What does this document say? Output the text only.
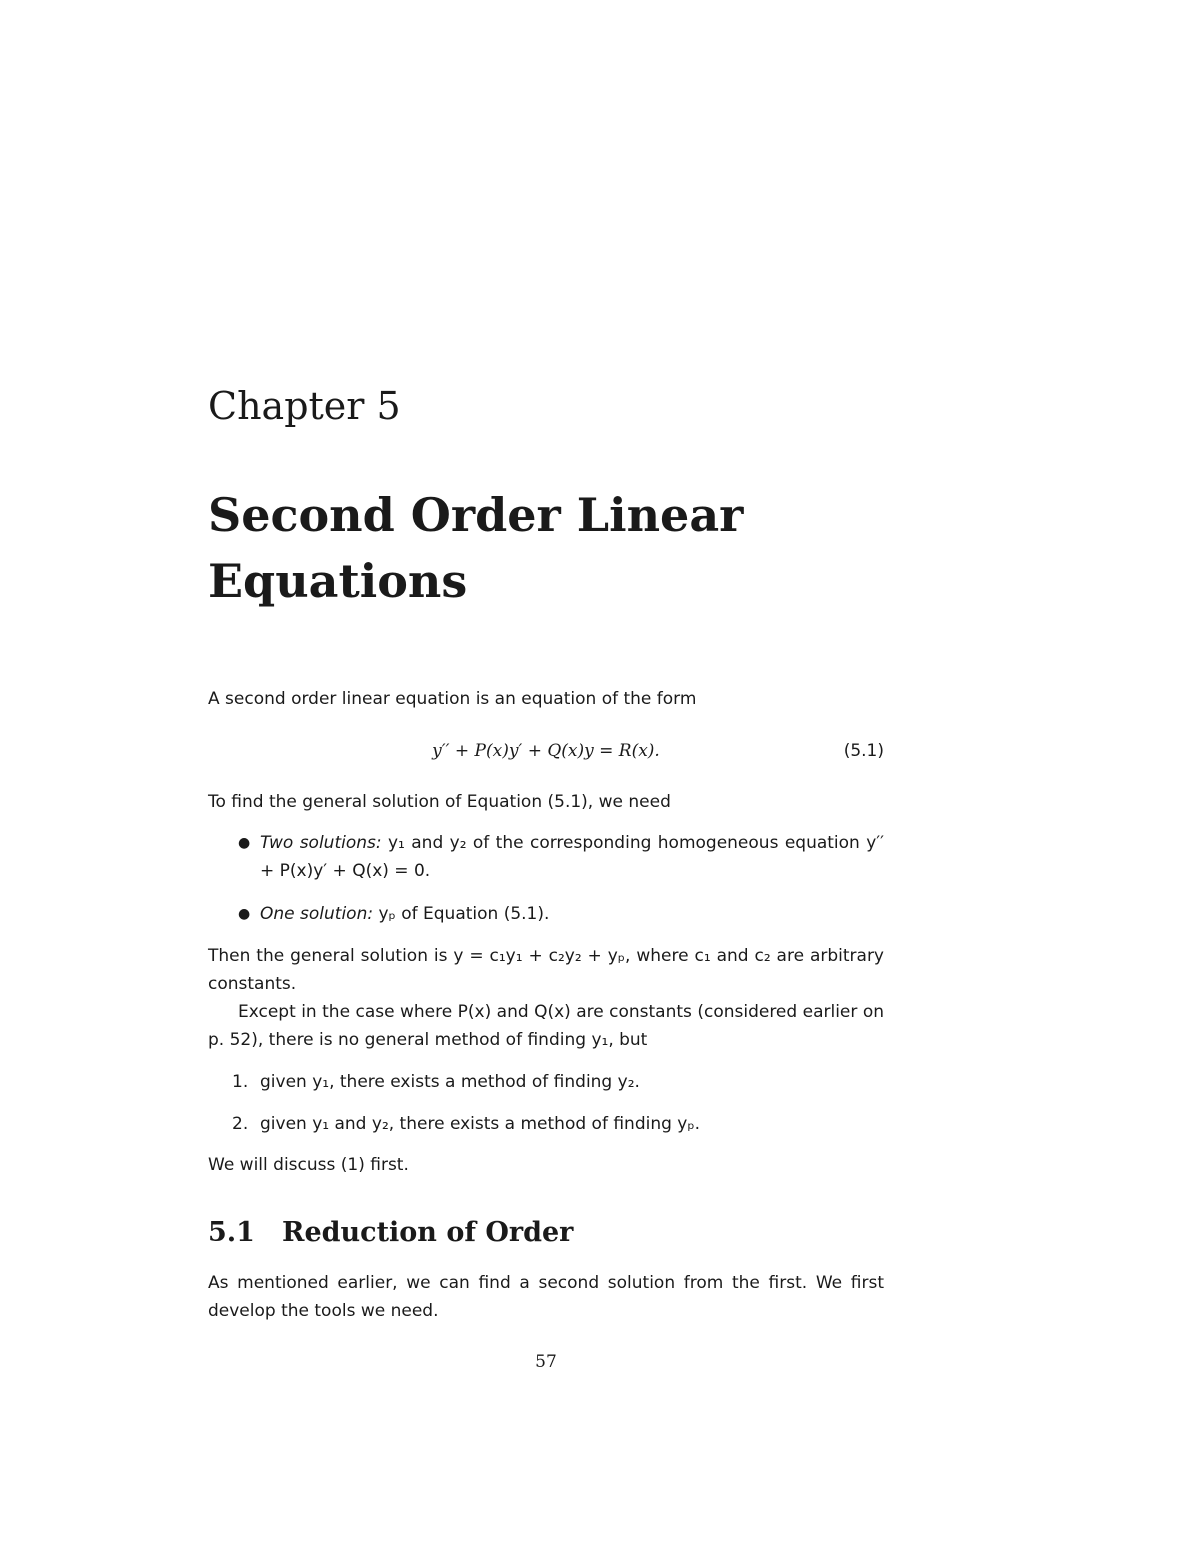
Chapter 5
Second Order Linear Equations

A second order linear equation is an equation of the form

y′′ + P(x)y′ + Q(x)y = R(x).	(5.1)

To find the general solution of Equation (5.1), we need

● Two solutions: y₁ and y₂ of the corresponding homogeneous equation y′′ + P(x)y′ + Q(x) = 0.
● One solution: yₚ of Equation (5.1).

Then the general solution is y = c₁y₁ + c₂y₂ + yₚ, where c₁ and c₂ are arbitrary constants.

Except in the case where P(x) and Q(x) are constants (considered earlier on p. 52), there is no general method of finding y₁, but

1. given y₁, there exists a method of finding y₂.
2. given y₁ and y₂, there exists a method of finding yₚ.

We will discuss (1) first.

5.1 Reduction of Order

As mentioned earlier, we can find a second solution from the first. We first develop the tools we need.

57
